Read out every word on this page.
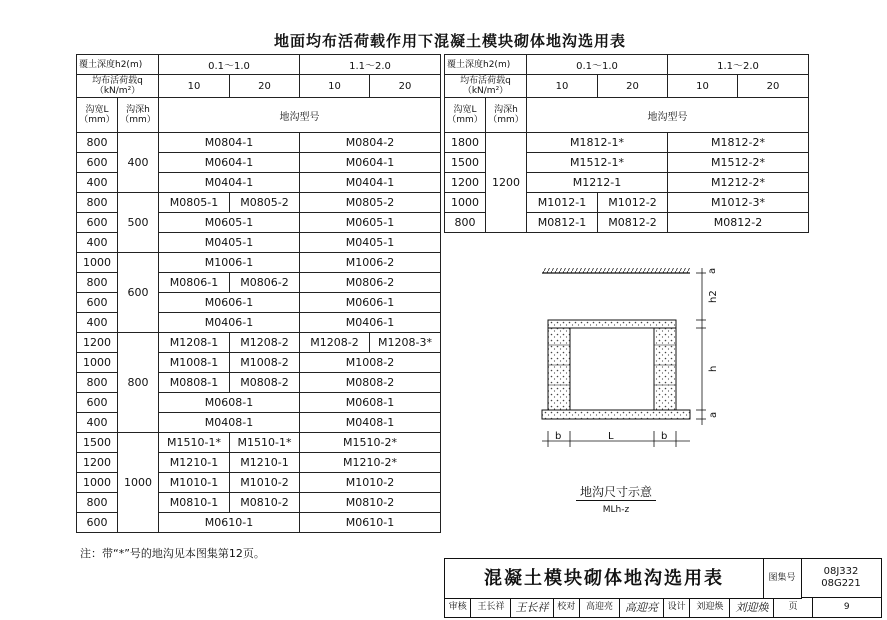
地面均布活荷载作用下混凝土模块砌体地沟选用表
覆土深度h2(m)		0.1～1.0		1.1～2.0	
均布活荷载q（kN/m²）		10	20	10	20
沟宽L（mm）	沟深h（mm）	地沟型号			
800	400	M0804-1		M0804-2	
600		M0604-1		M0604-1	
400		M0404-1		M0404-1	
800	500	M0805-1	M0805-2	M0805-2	
600		M0605-1		M0605-1	
400		M0405-1		M0405-1	
1000	600	M1006-1		M1006-2	
800		M0806-1	M0806-2	M0806-2	
600		M0606-1		M0606-1	
400		M0406-1		M0406-1	
1200	800	M1208-1	M1208-2	M1208-2	M1208-3*
1000		M1008-1	M1008-2	M1008-2	
800		M0808-1	M0808-2	M0808-2	
600		M0608-1		M0608-1	
400		M0408-1		M0408-1	
1500	1000	M1510-1*	M1510-1*	M1510-2*	
1200		M1210-1	M1210-1	M1210-2*	
1000		M1010-1	M1010-2	M1010-2	
800		M0810-1	M0810-2	M0810-2	
600		M0610-1		M0610-1	
覆土深度h2(m)		0.1～1.0		1.1～2.0	
均布活荷载q（kN/m²）		10	20	10	20
沟宽L（mm）	沟深h（mm）	地沟型号			
1800	1200	M1812-1*		M1812-2*	
1500		M1512-1*		M1512-2*	
1200		M1212-1		M1212-2*	
1000		M1012-1	M1012-2	M1012-3*	
800		M0812-1	M0812-2	M0812-2	
注：带“*”号的地沟见本图集第12页。
a
h2
h
a
b	L	b
地沟尺寸示意
MLh-z
混凝土模块砌体地沟选用表	图集号
08J332
08G221
审核	王长祥	王长祥 校对	高迎亮	高迎亮	设计	刘迎焕	刘迎焕	页	9
